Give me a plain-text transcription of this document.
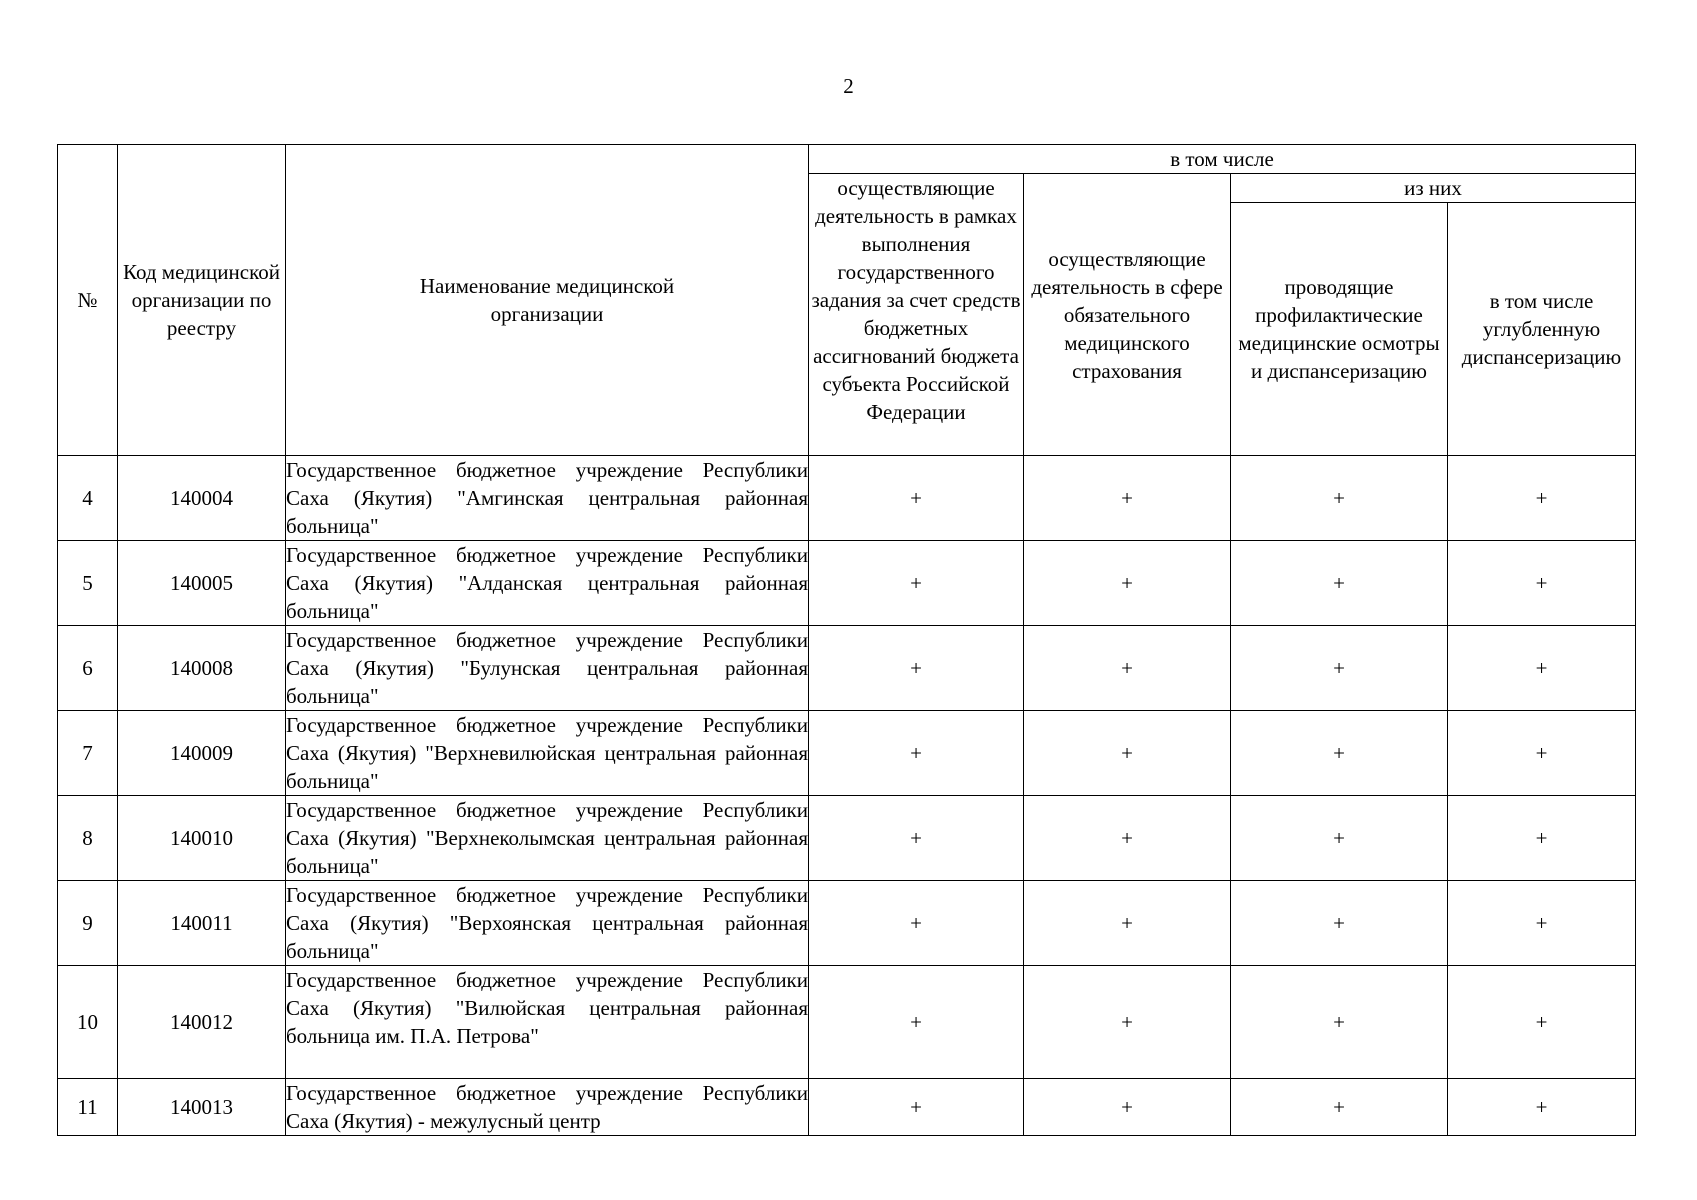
2
№	Код медицинской организации по реестру	Наименование медицинской организации	в том числе			

			осуществляющие деятельность в рамках выполнения государственного задания за счет средств бюджетных ассигнований бюджета субъекта Российской Федерации	осуществляющие деятельность в сфере обязательного медицинского страхования	из них	

					проводящие профилактические медицинские осмотры и диспансеризацию	в том числе углубленную диспансеризацию

4	140004	Государственное бюджетное учреждение Республики Саха (Якутия) "Амгинская центральная районная больница"	+	+	+	+
5	140005	Государственное бюджетное учреждение Республики Саха (Якутия) "Алданская центральная районная больница"	+	+	+	+
6	140008	Государственное бюджетное учреждение Республики Саха (Якутия) "Булунская центральная районная больница"	+	+	+	+
7	140009	Государственное бюджетное учреждение Республики Саха (Якутия) "Верхневилюйская центральная районная больница"	+	+	+	+
8	140010	Государственное бюджетное учреждение Республики Саха (Якутия) "Верхнеколымская центральная районная больница"	+	+	+	+
9	140011	Государственное бюджетное учреждение Республики Саха (Якутия) "Верхоянская центральная районная больница"	+	+	+	+
10	140012	Государственное бюджетное учреждение Республики Саха (Якутия) "Вилюйская центральная районная больница им. П.А. Петрова"	+	+	+	+
11	140013	Государственное бюджетное учреждение Республики Саха (Якутия) - межулусный центр	+	+	+	+
